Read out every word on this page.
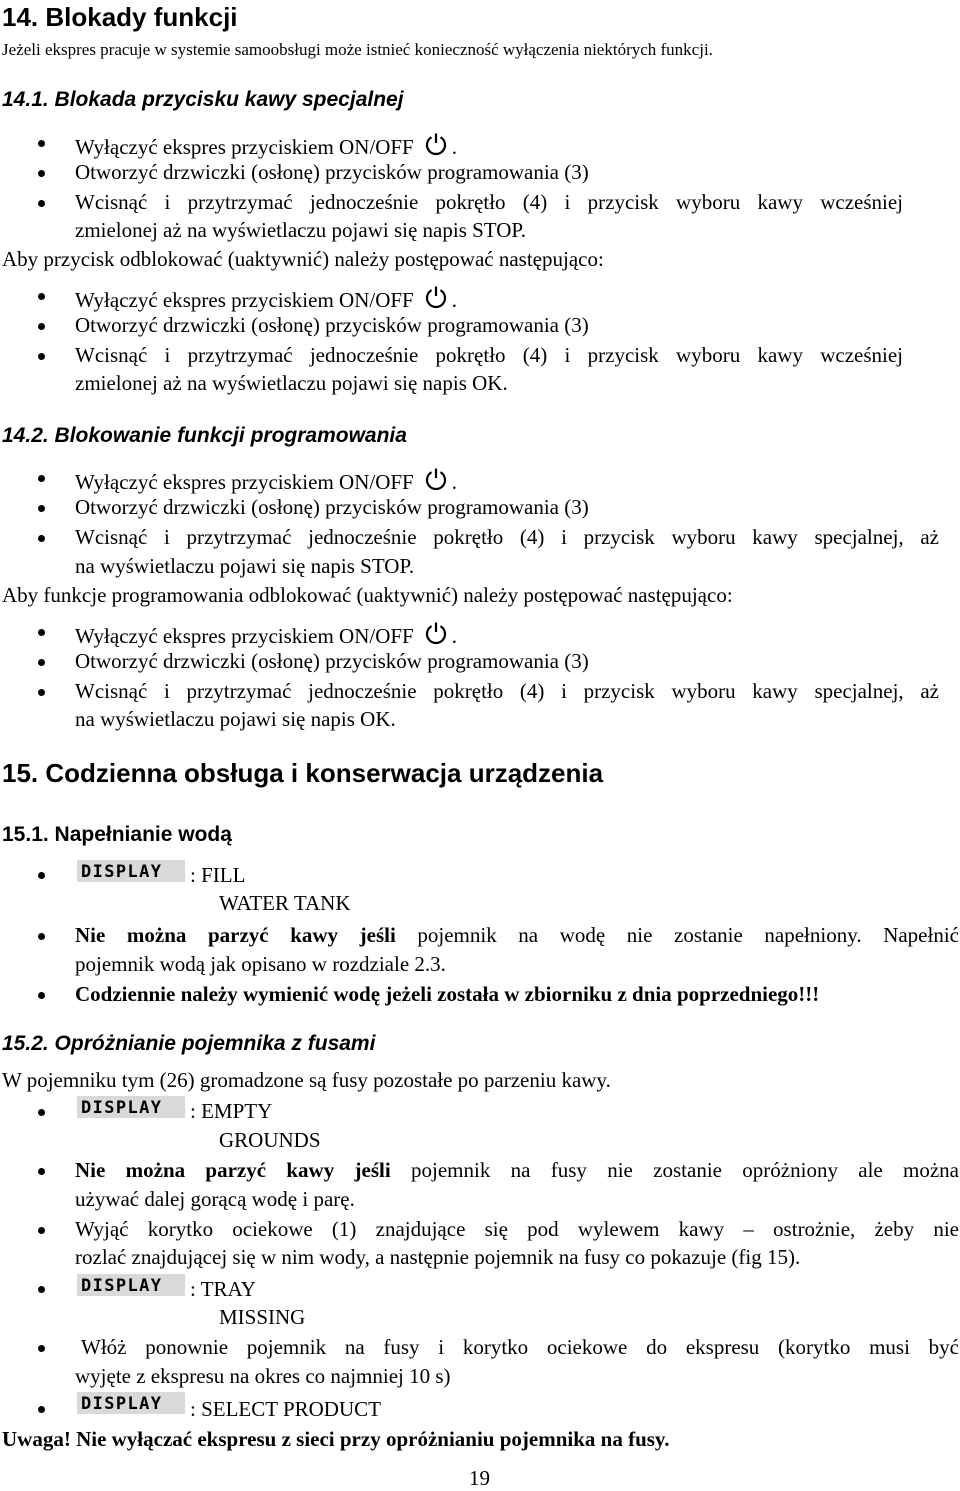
14. Blokady funkcji
Jeżeli ekspres pracuje w systemie samoobsługi może istnieć konieczność wyłączenia niektórych funkcji.
14.1. Blokada przycisku kawy specjalnej
Wyłączyć ekspres przyciskiem ON/OFF .
Otworzyć drzwiczki (osłonę) przycisków programowania (3)
Wcisnąć i przytrzymać jednocześnie pokrętło (4) i przycisk wyboru kawy wcześniej
zmielonej aż na wyświetlaczu pojawi się napis STOP.
Aby przycisk odblokować (uaktywnić) należy postępować następująco:
Wyłączyć ekspres przyciskiem ON/OFF .
Otworzyć drzwiczki (osłonę) przycisków programowania (3)
Wcisnąć i przytrzymać jednocześnie pokrętło (4) i przycisk wyboru kawy wcześniej
zmielonej aż na wyświetlaczu pojawi się napis OK.
14.2. Blokowanie funkcji programowania
Wyłączyć ekspres przyciskiem ON/OFF .
Otworzyć drzwiczki (osłonę) przycisków programowania (3)
Wcisnąć i przytrzymać jednocześnie pokrętło (4) i przycisk wyboru kawy specjalnej, aż
na wyświetlaczu pojawi się napis STOP.
Aby funkcje programowania odblokować (uaktywnić) należy postępować następująco:
Wyłączyć ekspres przyciskiem ON/OFF .
Otworzyć drzwiczki (osłonę) przycisków programowania (3)
Wcisnąć i przytrzymać jednocześnie pokrętło (4) i przycisk wyboru kawy specjalnej, aż
na wyświetlaczu pojawi się napis OK.
15. Codzienna obsługa i konserwacja urządzenia
15.1. Napełnianie wodą
: FILL
WATER TANK
Nie można parzyć kawy jeśli pojemnik na wodę nie zostanie napełniony. Napełnić
pojemnik wodą jak opisano w rozdziale 2.3.
Codziennie należy wymienić wodę jeżeli została w zbiorniku z dnia poprzedniego!!!
15.2. Opróżnianie pojemnika z fusami
W pojemniku tym (26) gromadzone są fusy pozostałe po parzeniu kawy.
: EMPTY
GROUNDS
Nie można parzyć kawy jeśli pojemnik na fusy nie zostanie opróżniony ale można
używać dalej gorącą wodę i parę.
Wyjąć korytko ociekowe (1) znajdujące się pod wylewem kawy – ostrożnie, żeby nie
rozlać znajdującej się w nim wody, a następnie pojemnik na fusy co pokazuje (fig 15).
: TRAY
MISSING
Włóż ponownie pojemnik na fusy i korytko ociekowe do ekspresu (korytko musi być
wyjęte z ekspresu na okres co najmniej 10 s)
: SELECT PRODUCT
Uwaga! Nie wyłączać ekspresu z sieci przy opróżnianiu pojemnika na fusy.
19
